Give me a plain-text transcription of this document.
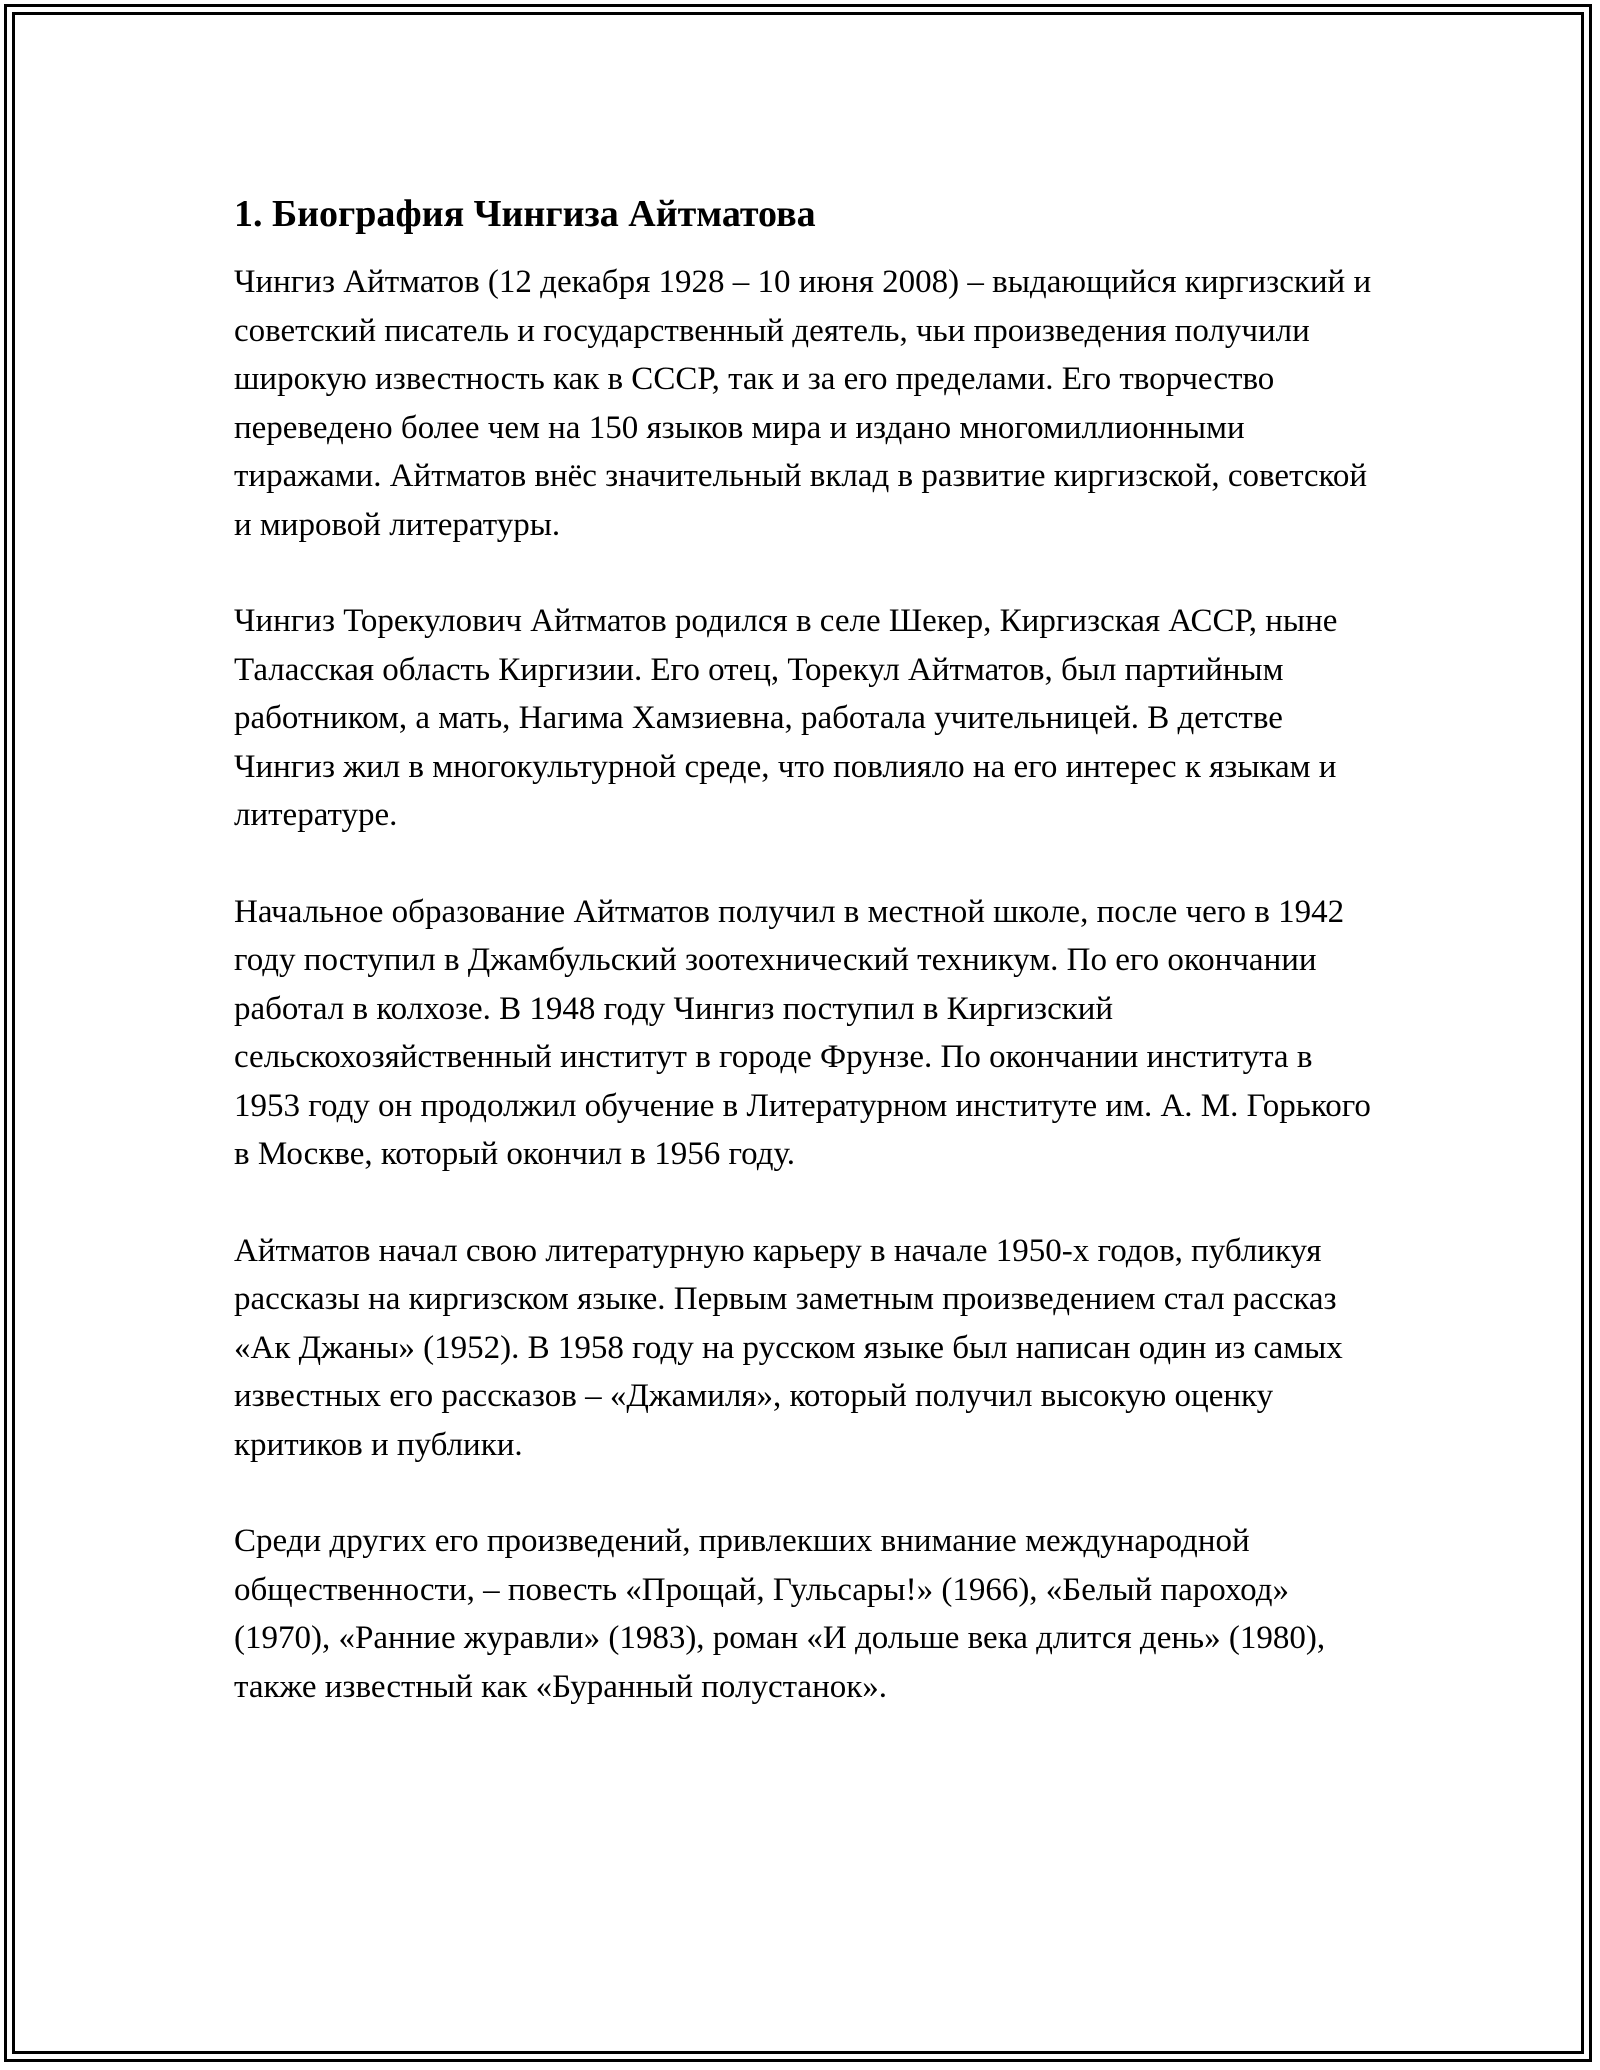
1. Биография Чингиза Айтматова

Чингиз Айтматов (12 декабря 1928 – 10 июня 2008) – выдающийся киргизский и советский писатель и государственный деятель, чьи произведения получили широкую известность как в СССР, так и за его пределами. Его творчество переведено более чем на 150 языков мира и издано многомиллионными тиражами. Айтматов внёс значительный вклад в развитие киргизской, советской и мировой литературы.

Чингиз Торекулович Айтматов родился в селе Шекер, Киргизская АССР, ныне Таласская область Киргизии. Его отец, Торекул Айтматов, был партийным работником, а мать, Нагима Хамзиевна, работала учительницей. В детстве Чингиз жил в многокультурной среде, что повлияло на его интерес к языкам и литературе.

Начальное образование Айтматов получил в местной школе, после чего в 1942 году поступил в Джамбульский зоотехнический техникум. По его окончании работал в колхозе. В 1948 году Чингиз поступил в Киргизский сельскохозяйственный институт в городе Фрунзе. По окончании института в 1953 году он продолжил обучение в Литературном институте им. А. М. Горького в Москве, который окончил в 1956 году.

Айтматов начал свою литературную карьеру в начале 1950-х годов, публикуя рассказы на киргизском языке. Первым заметным произведением стал рассказ «Ак Джаны» (1952). В 1958 году на русском языке был написан один из самых известных его рассказов – «Джамиля», который получил высокую оценку критиков и публики.

Среди других его произведений, привлекших внимание международной общественности, – повесть «Прощай, Гульсары!» (1966), «Белый пароход» (1970), «Ранние журавли» (1983), роман «И дольше века длится день» (1980), также известный как «Буранный полустанок».
